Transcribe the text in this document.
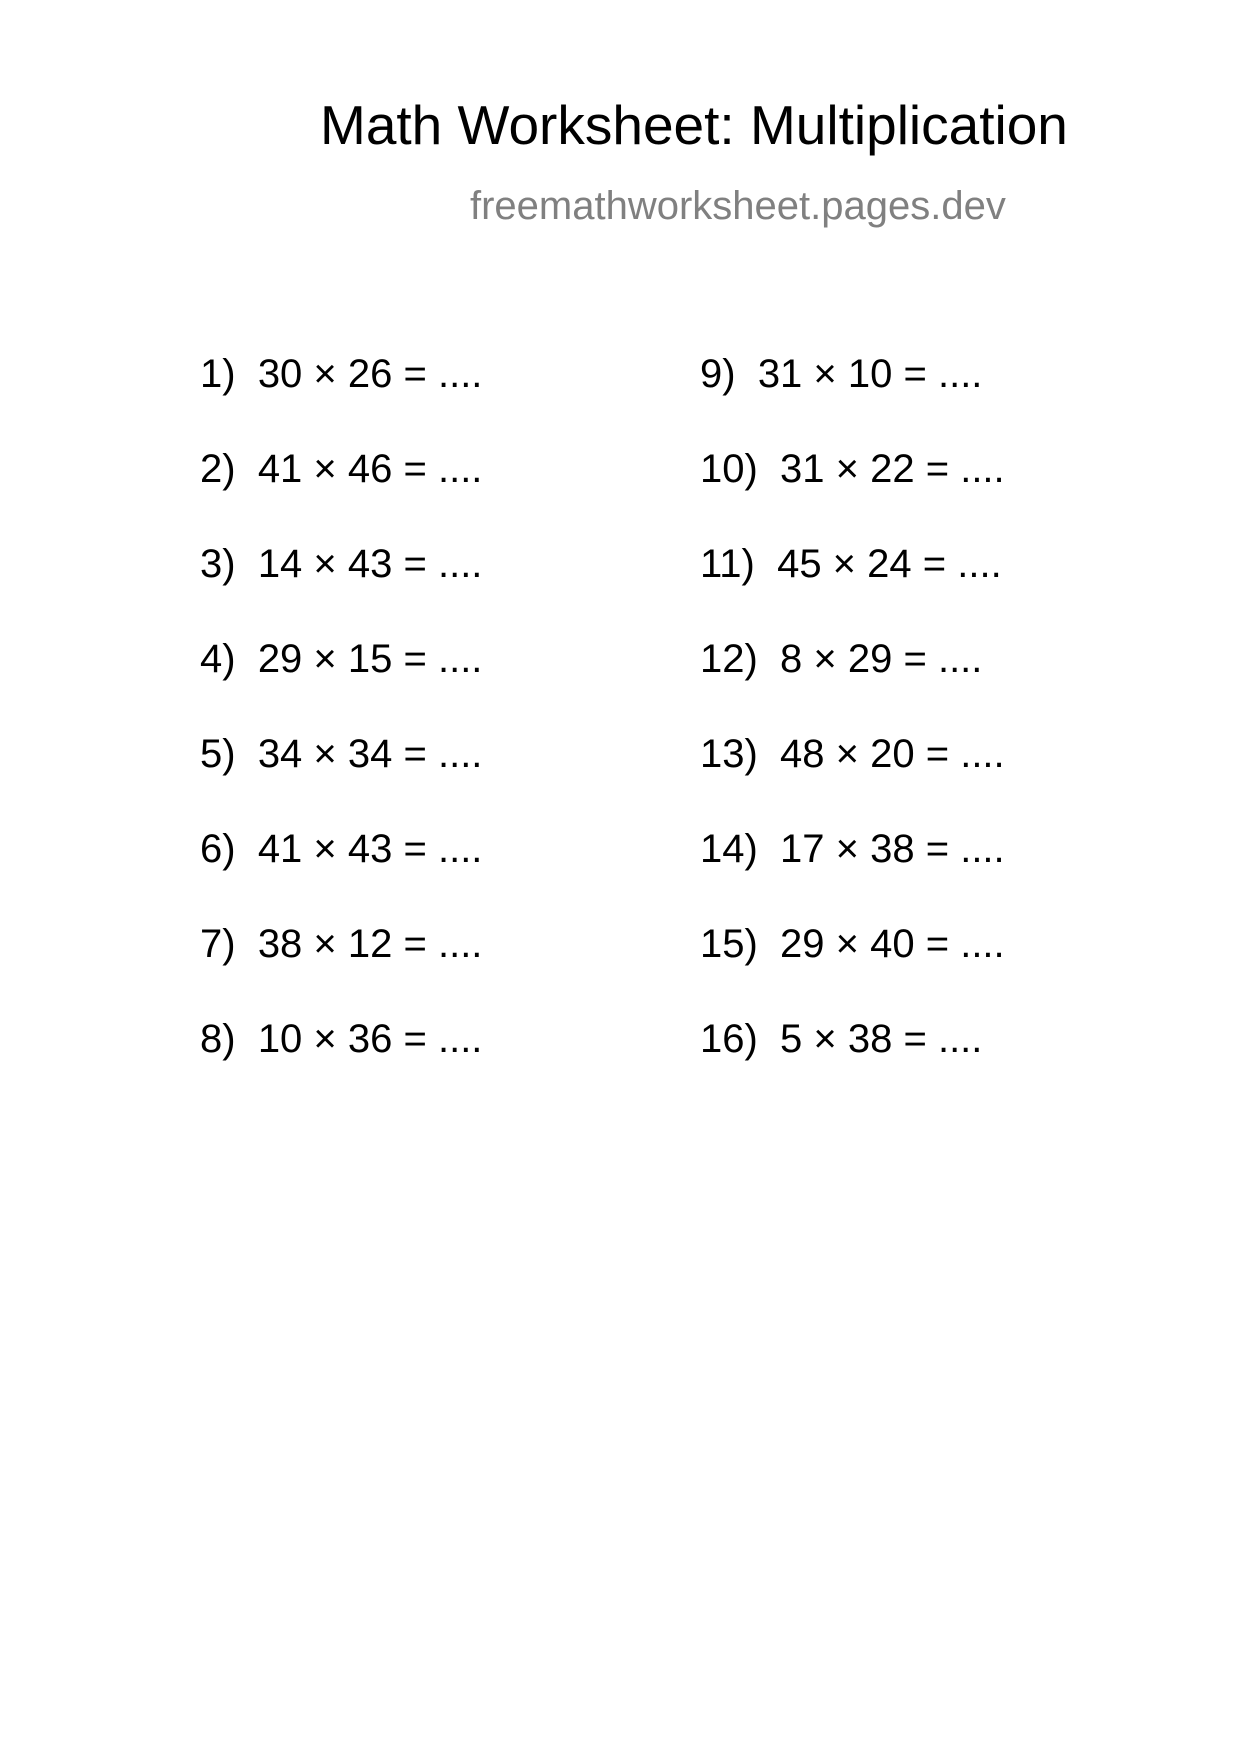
Math Worksheet: Multiplication
freemathworksheet.pages.dev
1) 30 × 26 = ....
2) 41 × 46 = ....
3) 14 × 43 = ....
4) 29 × 15 = ....
5) 34 × 34 = ....
6) 41 × 43 = ....
7) 38 × 12 = ....
8) 10 × 36 = ....
9) 31 × 10 = ....
10) 31 × 22 = ....
11) 45 × 24 = ....
12) 8 × 29 = ....
13) 48 × 20 = ....
14) 17 × 38 = ....
15) 29 × 40 = ....
16) 5 × 38 = ....
